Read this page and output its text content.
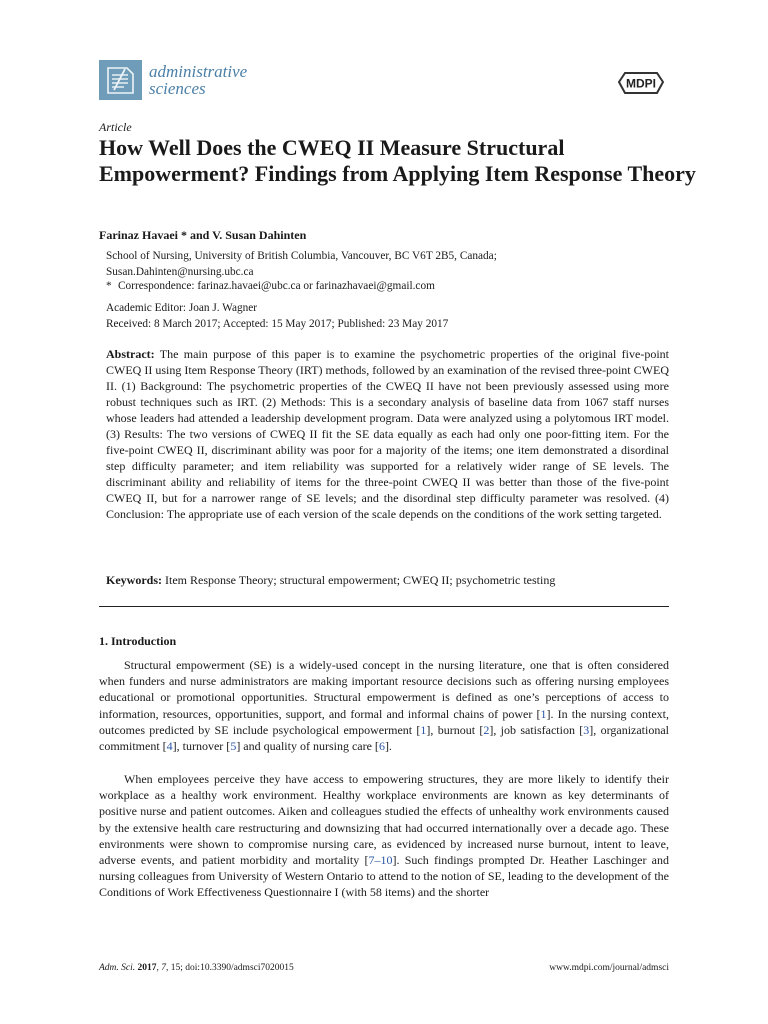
administrative
sciences	MDPI
Article
How Well Does the CWEQ II Measure Structural Empowerment? Findings from Applying Item Response Theory
Farinaz Havaei * and V. Susan Dahinten
School of Nursing, University of British Columbia, Vancouver, BC V6T 2B5, Canada;
Susan.Dahinten@nursing.ubc.ca
* Correspondence: farinaz.havaei@ubc.ca or farinazhavaei@gmail.com
Academic Editor: Joan J. Wagner
Received: 8 March 2017; Accepted: 15 May 2017; Published: 23 May 2017

Abstract: The main purpose of this paper is to examine the psychometric properties of the original five-point CWEQ II using Item Response Theory (IRT) methods, followed by an examination of the revised three-point CWEQ II. (1) Background: The psychometric properties of the CWEQ II have not been previously assessed using more robust techniques such as IRT. (2) Methods: This is a secondary analysis of baseline data from 1067 staff nurses whose leaders had attended a leadership development program. Data were analyzed using a polytomous IRT model. (3) Results: The two versions of CWEQ II fit the SE data equally as each had only one poor-fitting item. For the five-point CWEQ II, discriminant ability was poor for a majority of the items; one item demonstrated a disordinal step difficulty parameter; and item reliability was supported for a relatively wider range of SE levels. The discriminant ability and reliability of items for the three-point CWEQ II was better than those of the five-point CWEQ II, but for a narrower range of SE levels; and the disordinal step difficulty parameter was resolved. (4) Conclusion: The appropriate use of each version of the scale depends on the conditions of the work setting targeted.

Keywords: Item Response Theory; structural empowerment; CWEQ II; psychometric testing
1. Introduction

Structural empowerment (SE) is a widely-used concept in the nursing literature, one that is often considered when funders and nurse administrators are making important resource decisions such as offering nursing employees educational or promotional opportunities. Structural empowerment is defined as one’s perceptions of access to information, resources, opportunities, support, and formal and informal chains of power [1]. In the nursing context, outcomes predicted by SE include psychological empowerment [1], burnout [2], job satisfaction [3], organizational commitment [4], turnover [5] and quality of nursing care [6].

When employees perceive they have access to empowering structures, they are more likely to identify their workplace as a healthy work environment. Healthy workplace environments are known as key determinants of positive nurse and patient outcomes. Aiken and colleagues studied the effects of unhealthy work environments caused by the extensive health care restructuring and downsizing that had occurred internationally over a decade ago. These environments were shown to compromise nursing care, as evidenced by increased nurse burnout, intent to leave, adverse events, and patient morbidity and mortality [7–10]. Such findings prompted Dr. Heather Laschinger and nursing colleagues from University of Western Ontario to attend to the notion of SE, leading to the development of the Conditions of Work Effectiveness Questionnaire I (with 58 items) and the shorter

Adm. Sci. 2017, 7, 15; doi:10.3390/admsci7020015	www.mdpi.com/journal/admsci
